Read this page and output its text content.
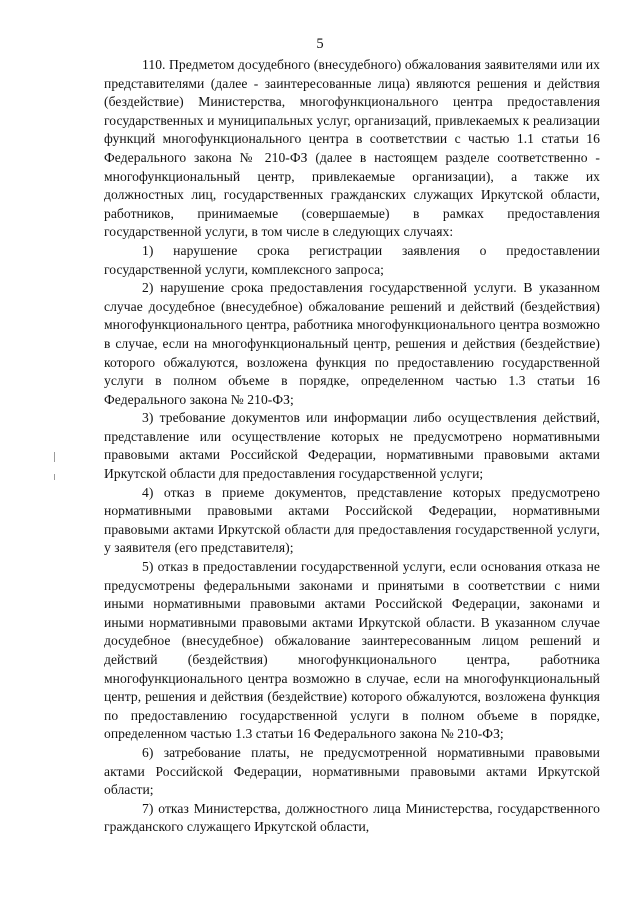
5

110. Предметом досудебного (внесудебного) обжалования заявителями или их представителями (далее - заинтересованные лица) являются решения и действия (бездействие) Министерства, многофункционального центра предоставления государственных и муниципальных услуг, организаций, привлекаемых к реализации функций многофункционального центра в соответствии с частью 1.1 статьи 16 Федерального закона № 210-ФЗ (далее в настоящем разделе соответственно - многофункциональный центр, привлекаемые организации), а также их должностных лиц, государственных гражданских служащих Иркутской области, работников, принимаемые (совершаемые) в рамках предоставления государственной услуги, в том числе в следующих случаях:

1) нарушение срока регистрации заявления о предоставлении государственной услуги, комплексного запроса;

2) нарушение срока предоставления государственной услуги. В указанном случае досудебное (внесудебное) обжалование решений и действий (бездействия) многофункционального центра, работника многофункционального центра возможно в случае, если на многофункциональный центр, решения и действия (бездействие) которого обжалуются, возложена функция по предоставлению государственной услуги в полном объеме в порядке, определенном частью 1.3 статьи 16 Федерального закона № 210-ФЗ;

3) требование документов или информации либо осуществления действий, представление или осуществление которых не предусмотрено нормативными правовыми актами Российской Федерации, нормативными правовыми актами Иркутской области для предоставления государственной услуги;

4) отказ в приеме документов, представление которых предусмотрено нормативными правовыми актами Российской Федерации, нормативными правовыми актами Иркутской области для предоставления государственной услуги, у заявителя (его представителя);

5) отказ в предоставлении государственной услуги, если основания отказа не предусмотрены федеральными законами и принятыми в соответствии с ними иными нормативными правовыми актами Российской Федерации, законами и иными нормативными правовыми актами Иркутской области. В указанном случае досудебное (внесудебное) обжалование заинтересованным лицом решений и действий (бездействия) многофункционального центра, работника многофункционального центра возможно в случае, если на многофункциональный центр, решения и действия (бездействие) которого обжалуются, возложена функция по предоставлению государственной услуги в полном объеме в порядке, определенном частью 1.3 статьи 16 Федерального закона № 210-ФЗ;

6) затребование платы, не предусмотренной нормативными правовыми актами Российской Федерации, нормативными правовыми актами Иркутской области;

7) отказ Министерства, должностного лица Министерства, государственного гражданского служащего Иркутской области,
